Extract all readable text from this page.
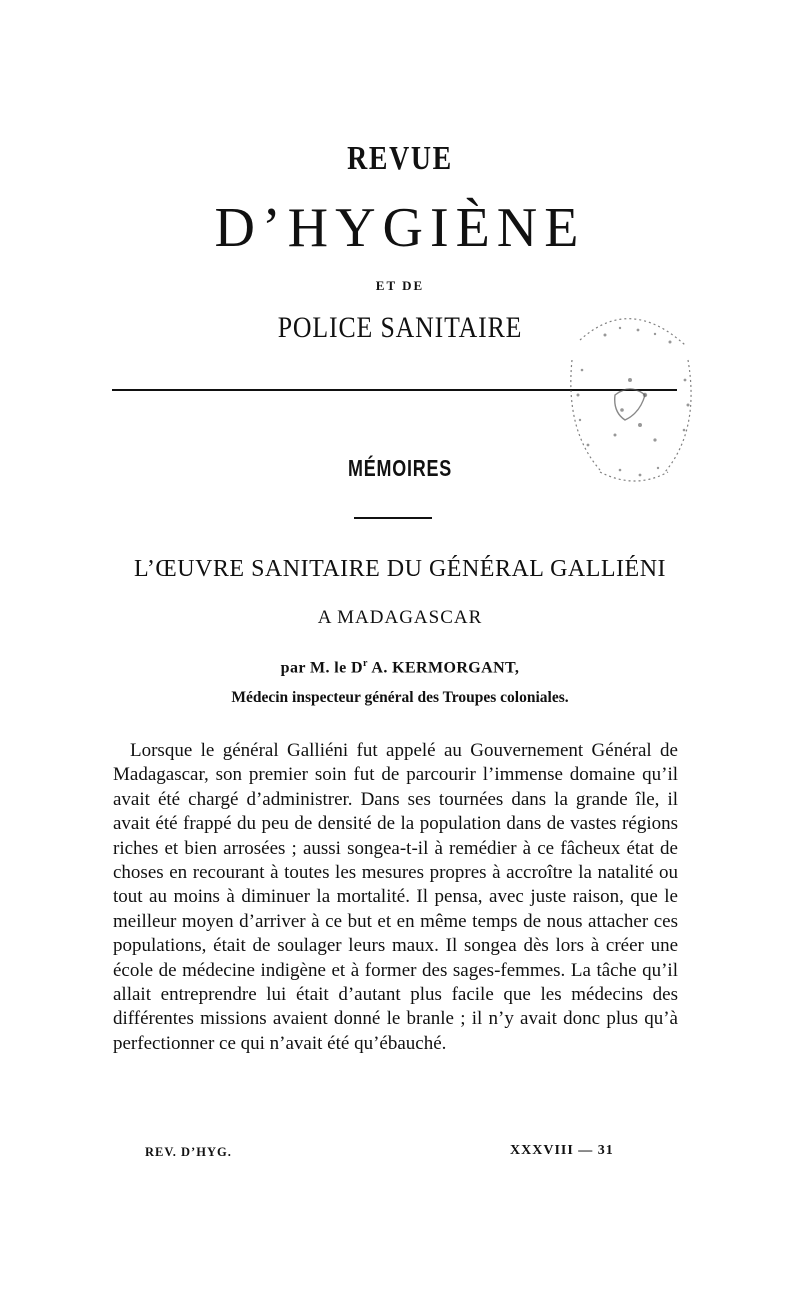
REVUE
D’HYGIÈNE
ET DE
POLICE SANITAIRE
MÉMOIRES
L’ŒUVRE SANITAIRE DU GÉNÉRAL GALLIÉNI
A MADAGASCAR
par M. le $D^r$ A. KERMORGANT,
Médecin inspecteur général des Troupes coloniales.

Lorsque le général Galliéni fut appelé au Gouvernement Général de Madagascar, son premier soin fut de parcourir l’immense domaine qu’il avait été chargé d’administrer. Dans ses tournées dans la grande île, il avait été frappé du peu de densité de la population dans de vastes régions riches et bien arrosées ; aussi songea-t-il à remédier à ce fâcheux état de choses en recourant à toutes les mesures propres à accroître la natalité ou tout au moins à diminuer la mortalité. Il pensa, avec juste raison, que le meilleur moyen d’arriver à ce but et en même temps de nous attacher ces populations, était de soulager leurs maux. Il songea dès lors à créer une école de médecine indigène et à former des sages-femmes. La tâche qu’il allait entreprendre lui était d’autant plus facile que les médecins des différentes missions avaient donné le branle ; il n’y avait donc plus qu’à perfectionner ce qui n’avait été qu’ébauché.

REV. D’HYG.	XXXVIII — 31
